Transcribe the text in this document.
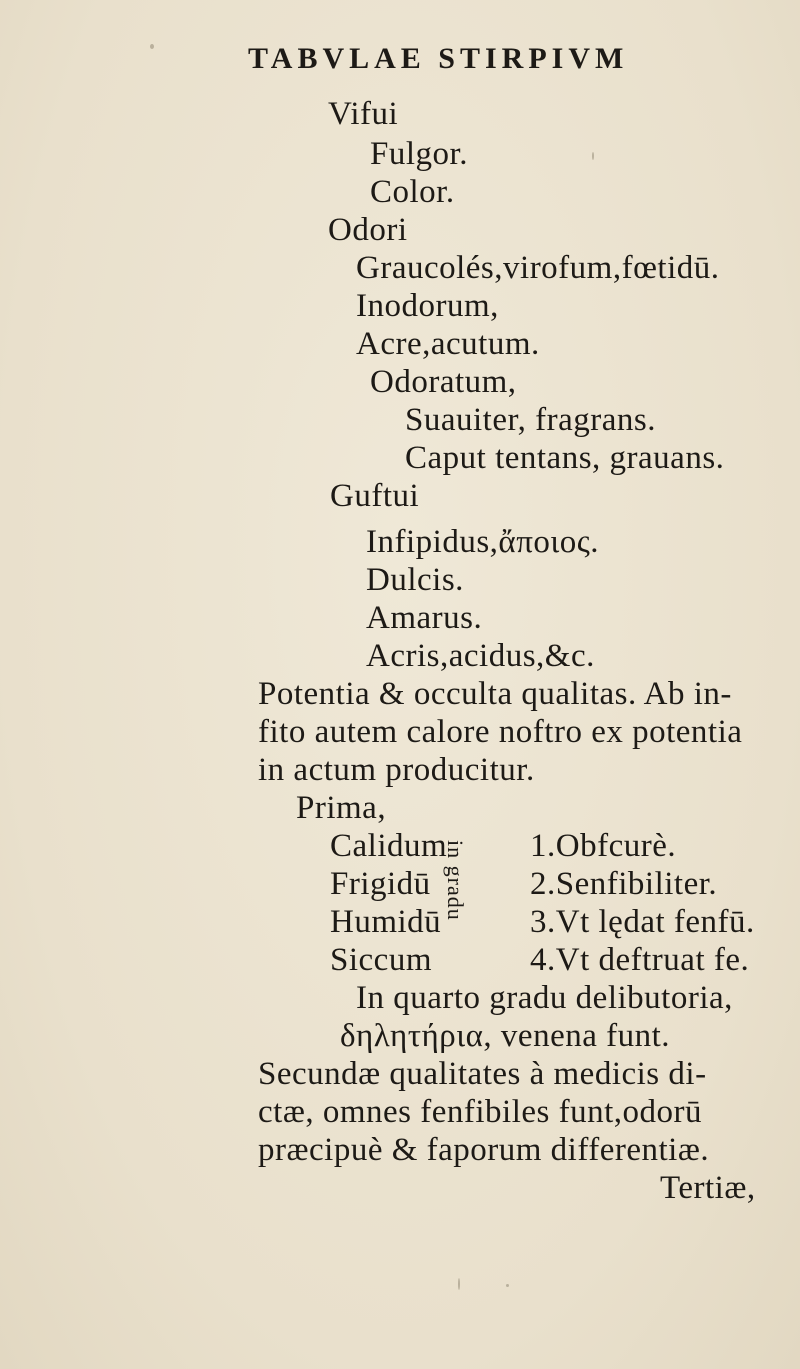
TABVLAE STIRPIVM
Vifui
Fulgor.
Color.
Odori
Graucolés,virofum,fœtidū.
Inodorum,
Acre,acutum.
Odoratum,
Suauiter, fragrans.
Caput tentans, grauans.
Guftui
Infipidus,ἄποιος.
Dulcis.
Amarus.
Acris,acidus,&c.
Potentia & occulta qualitas. Ab in-
fito autem calore noftro ex potentia
in actum producitur.
Prima,
Calidum	1.Obfcurè.
Frigidū	2.Senfibiliter.
Humidū	3.Vt lędat fenfū.
Siccum	4.Vt deftruat fe.
in gradu
In quarto gradu delibutoria,
δηλητήρια, venena funt.
Secundæ qualitates à medicis di-
ctæ, omnes fenfibiles funt,odorū
præcipuè & faporum differentiæ.
Tertiæ,
